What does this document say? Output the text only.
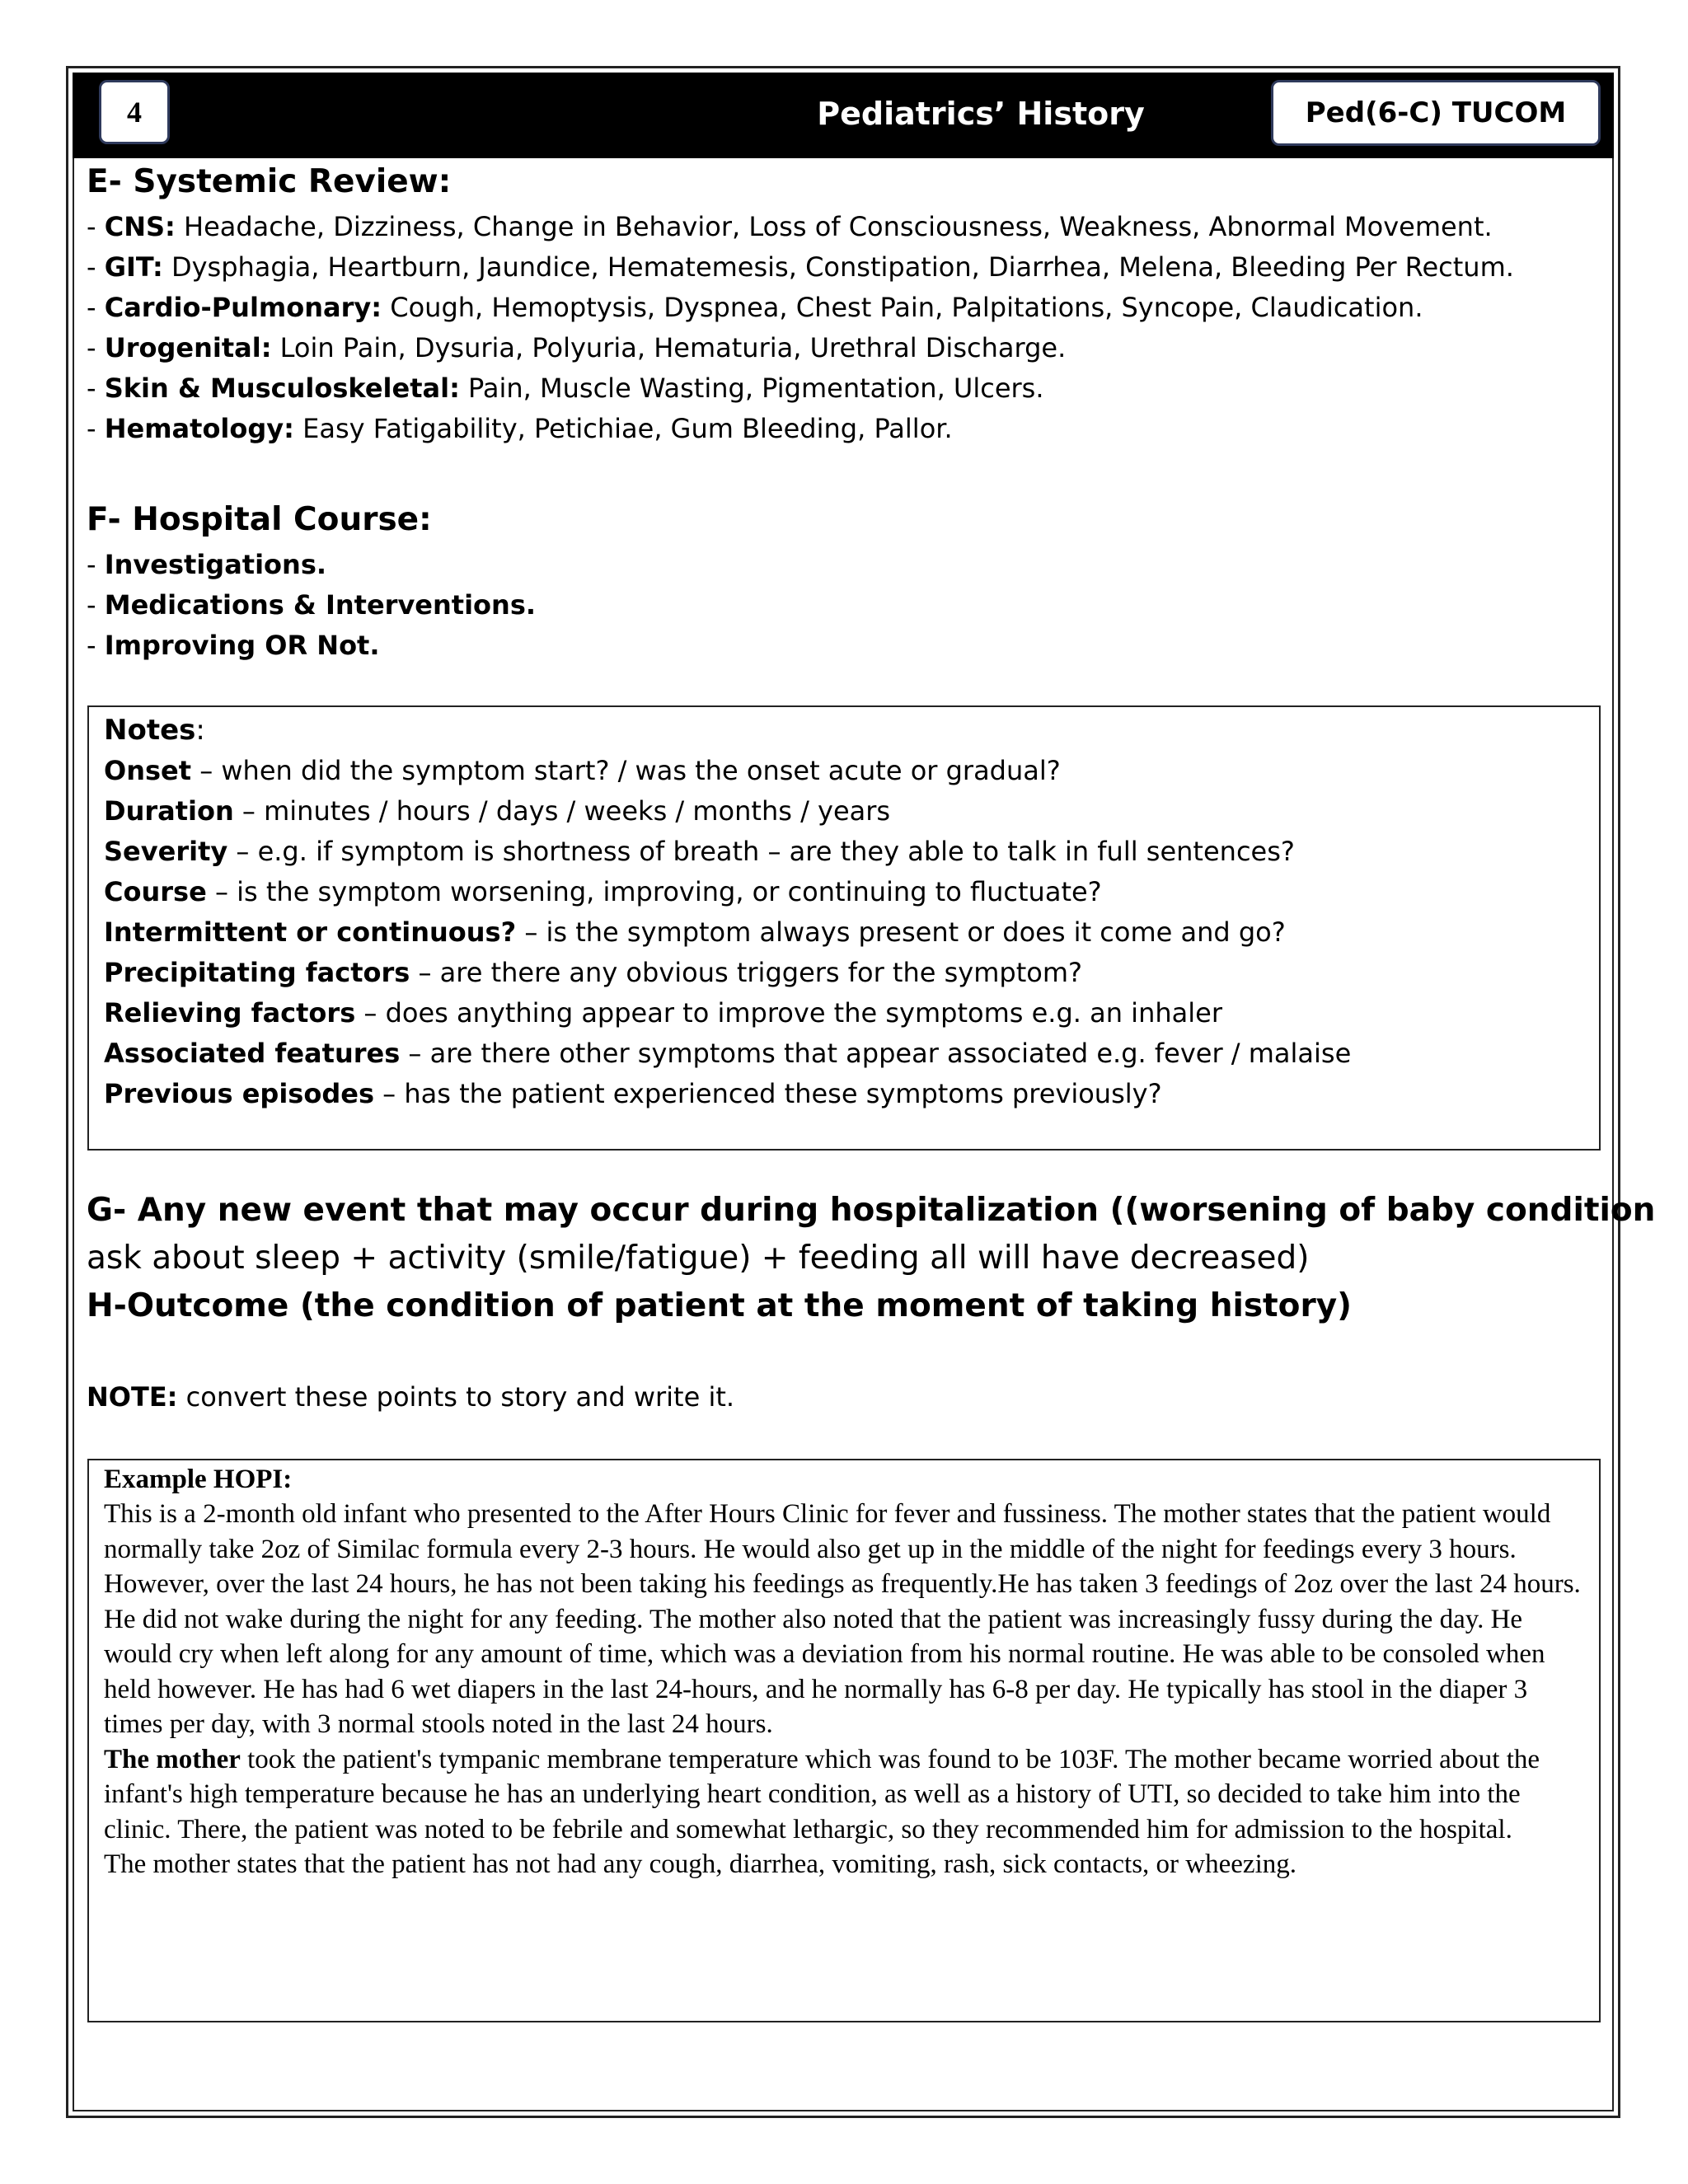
4	Pediatrics’ History	Ped(6-C) TUCOM
E- Systemic Review:
- CNS: Headache, Dizziness, Change in Behavior, Loss of Consciousness, Weakness, Abnormal Movement.
- GIT: Dysphagia, Heartburn, Jaundice, Hematemesis, Constipation, Diarrhea, Melena, Bleeding Per Rectum.
- Cardio-Pulmonary: Cough, Hemoptysis, Dyspnea, Chest Pain, Palpitations, Syncope, Claudication.
- Urogenital: Loin Pain, Dysuria, Polyuria, Hematuria, Urethral Discharge.
- Skin & Musculoskeletal: Pain, Muscle Wasting, Pigmentation, Ulcers.
- Hematology: Easy Fatigability, Petichiae, Gum Bleeding, Pallor.
F- Hospital Course:
- Investigations.
- Medications & Interventions.
- Improving OR Not.
Notes:
Onset – when did the symptom start? / was the onset acute or gradual?
Duration – minutes / hours / days / weeks / months / years
Severity – e.g. if symptom is shortness of breath – are they able to talk in full sentences?
Course – is the symptom worsening, improving, or continuing to fluctuate?
Intermittent or continuous? – is the symptom always present or does it come and go?
Precipitating factors – are there any obvious triggers for the symptom?
Relieving factors – does anything appear to improve the symptoms e.g. an inhaler
Associated features – are there other symptoms that appear associated e.g. fever / malaise
Previous episodes – has the patient experienced these symptoms previously?
G- Any new event that may occur during hospitalization ((worsening of baby condition
ask about sleep + activity (smile/fatigue) + feeding all will have decreased)
H-Outcome (the condition of patient at the moment of taking history)
NOTE: convert these points to story and write it.
Example HOPI:

This is a 2-month old infant who presented to the After Hours Clinic for fever and fussiness. The mother states that the patient would normally take 2oz of Similac formula every 2-3 hours. He would also get up in the middle of the night for feedings every 3 hours. However, over the last 24 hours, he has not been taking his feedings as frequently.He has taken 3 feedings of 2oz over the last 24 hours. He did not wake during the night for any feeding. The mother also noted that the patient was increasingly fussy during the day. He would cry when left along for any amount of time, which was a deviation from his normal routine. He was able to be consoled when held however. He has had 6 wet diapers in the last 24-hours, and he normally has 6-8 per day. He typically has stool in the diaper 3 times per day, with 3 normal stools noted in the last 24 hours.

The mother took the patient's tympanic membrane temperature which was found to be 103F. The mother became worried about the infant's high temperature because he has an underlying heart condition, as well as a history of UTI, so decided to take him into the

clinic. There, the patient was noted to be febrile and somewhat lethargic, so they recommended him for admission to the hospital.

The mother states that the patient has not had any cough, diarrhea, vomiting, rash, sick contacts, or wheezing.
